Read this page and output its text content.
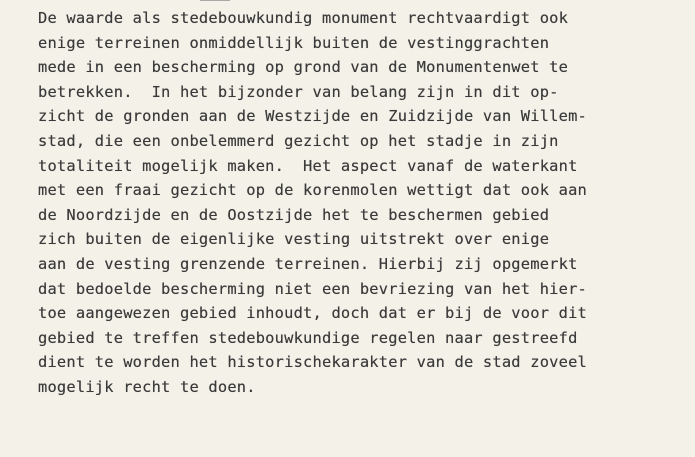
De waarde als stedebouwkundig monument rechtvaardigt ook
enige terreinen onmiddellijk buiten de vestinggrachten
mede in een bescherming op grond van de Monumentenwet te
betrekken.  In het bijzonder van belang zijn in dit op-
zicht de gronden aan de Westzijde en Zuidzijde van Willem-
stad, die een onbelemmerd gezicht op het stadje in zijn
totaliteit mogelijk maken.  Het aspect vanaf de waterkant
met een fraai gezicht op de korenmolen wettigt dat ook aan
de Noordzijde en de Oostzijde het te beschermen gebied
zich buiten de eigenlijke vesting uitstrekt over enige
aan de vesting grenzende terreinen. Hierbij zij opgemerkt
dat bedoelde bescherming niet een bevriezing van het hier-
toe aangewezen gebied inhoudt, doch dat er bij de voor dit
gebied te treffen stedebouwkundige regelen naar gestreefd
dient te worden het historischekarakter van de stad zoveel
mogelijk recht te doen.
